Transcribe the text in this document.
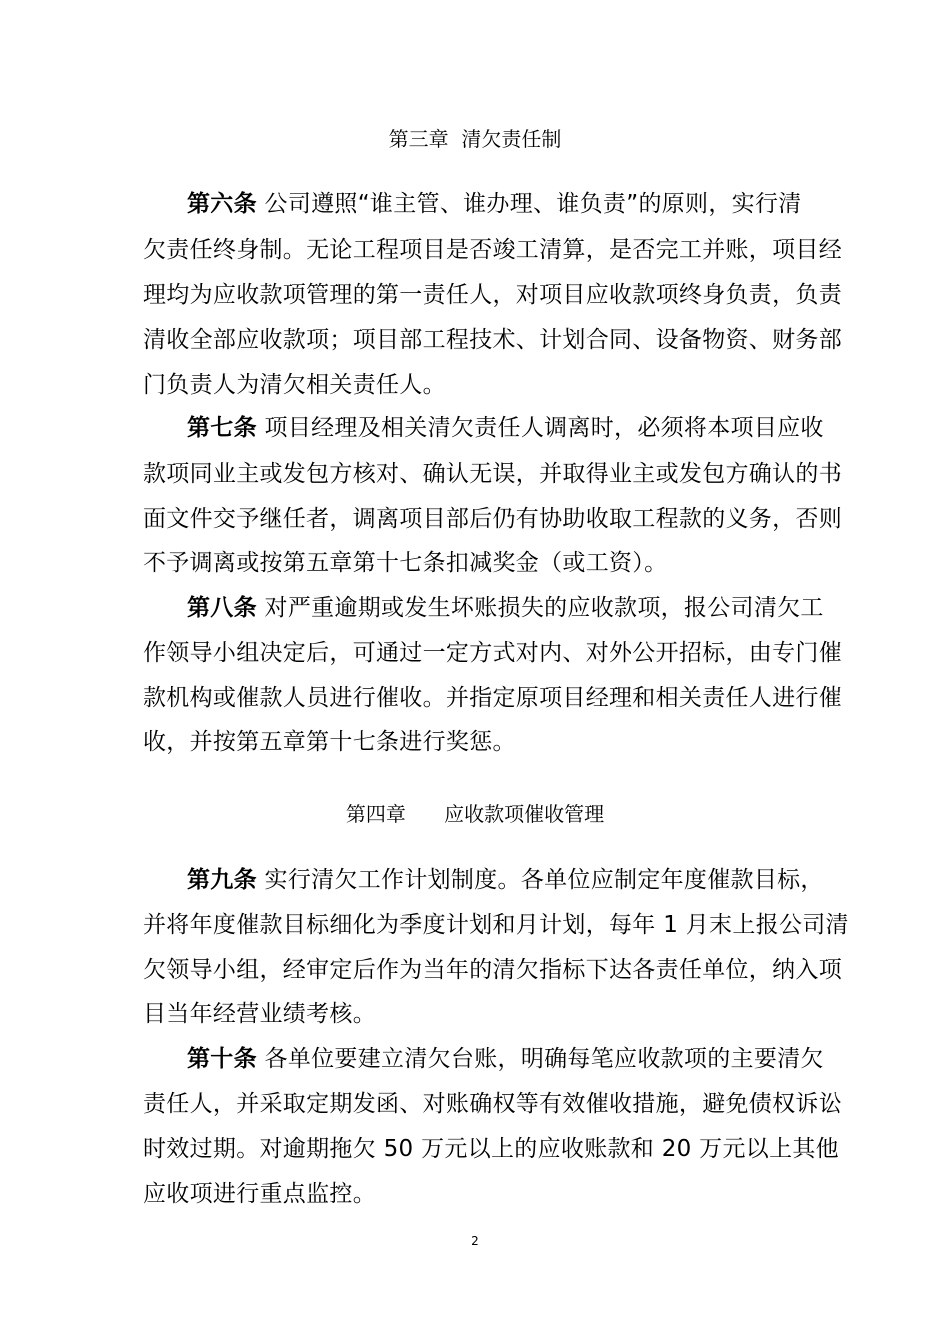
第三章  清欠责任制
第六条 公司遵照“谁主管、谁办理、谁负责”的原则，实行清
欠责任终身制。无论工程项目是否竣工清算，是否完工并账，项目经
理均为应收款项管理的第一责任人，对项目应收款项终身负责，负责
清收全部应收款项；项目部工程技术、计划合同、设备物资、财务部
门负责人为清欠相关责任人。
第七条 项目经理及相关清欠责任人调离时，必须将本项目应收
款项同业主或发包方核对、确认无误，并取得业主或发包方确认的书
面文件交予继任者，调离项目部后仍有协助收取工程款的义务，否则
不予调离或按第五章第十七条扣减奖金（或工资）。
第八条 对严重逾期或发生坏账损失的应收款项，报公司清欠工
作领导小组决定后，可通过一定方式对内、对外公开招标，由专门催
款机构或催款人员进行催收。并指定原项目经理和相关责任人进行催
收，并按第五章第十七条进行奖惩。
第四章      应收款项催收管理
第九条 实行清欠工作计划制度。各单位应制定年度催款目标，
并将年度催款目标细化为季度计划和月计划，每年 1 月末上报公司清
欠领导小组，经审定后作为当年的清欠指标下达各责任单位，纳入项
目当年经营业绩考核。
第十条 各单位要建立清欠台账，明确每笔应收款项的主要清欠
责任人，并采取定期发函、对账确权等有效催收措施，避免债权诉讼
时效过期。对逾期拖欠 50 万元以上的应收账款和 20 万元以上其他
应收项进行重点监控。
2
